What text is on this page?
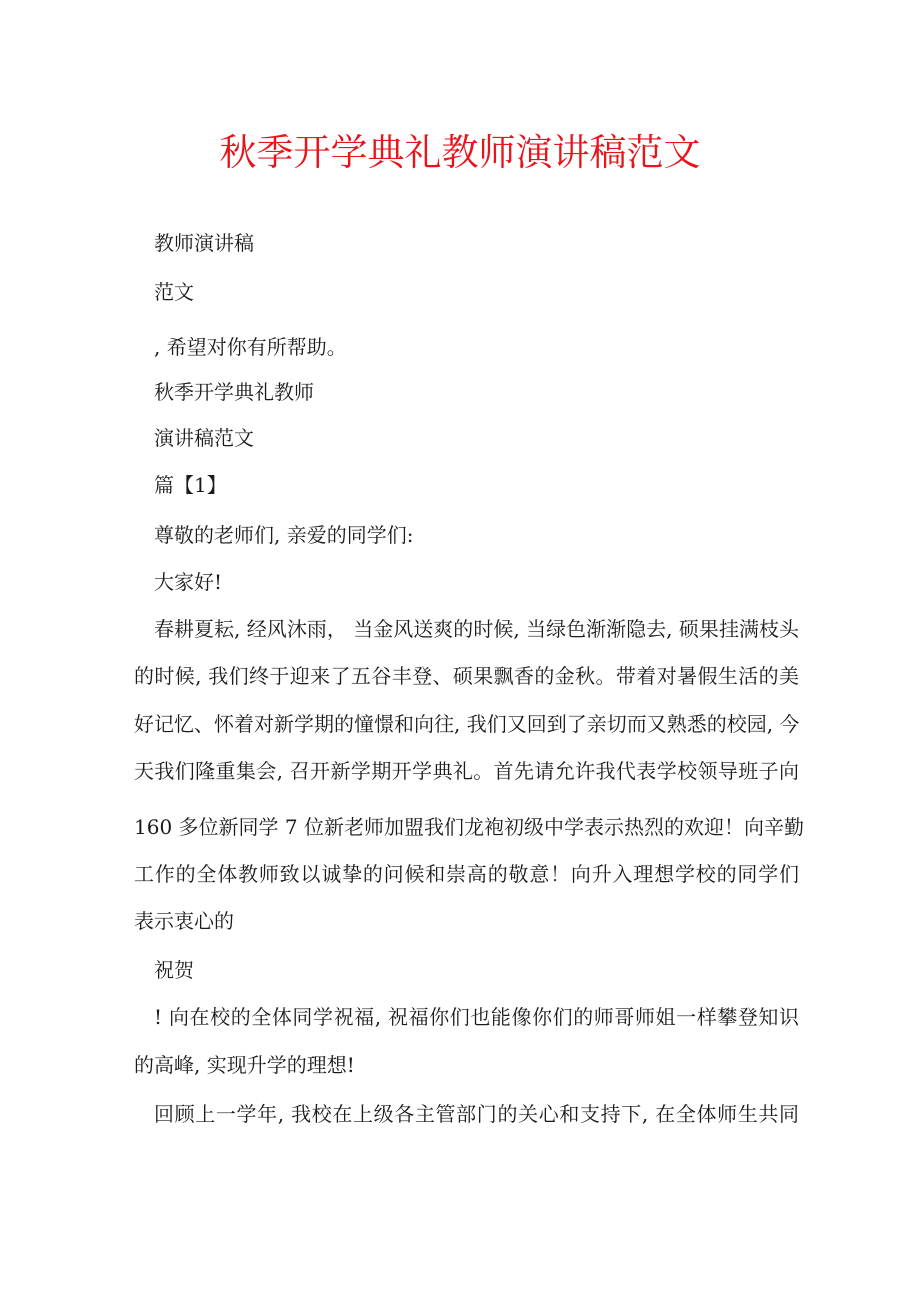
秋季开学典礼教师演讲稿范文

教师演讲稿

范文

, 希望对你有所帮助。

秋季开学典礼教师

演讲稿范文

篇【1】

尊敬的老师们, 亲爱的同学们:

大家好!

春耕夏耘, 经风沐雨， 当金风送爽的时候, 当绿色渐渐隐去, 硕果挂满枝头

的时候, 我们终于迎来了五谷丰登、硕果飘香的金秋。带着对暑假生活的美

好记忆、怀着对新学期的憧憬和向往, 我们又回到了亲切而又熟悉的校园, 今

天我们隆重集会, 召开新学期开学典礼。首先请允许我代表学校领导班子向

160 多位新同学 7 位新老师加盟我们龙袍初级中学表示热烈的欢迎！向辛勤

工作的全体教师致以诚挚的问候和崇高的敬意！向升入理想学校的同学们

表示衷心的

祝贺

! 向在校的全体同学祝福, 祝福你们也能像你们的师哥师姐一样攀登知识

的高峰, 实现升学的理想!

回顾上一学年, 我校在上级各主管部门的关心和支持下, 在全体师生共同
